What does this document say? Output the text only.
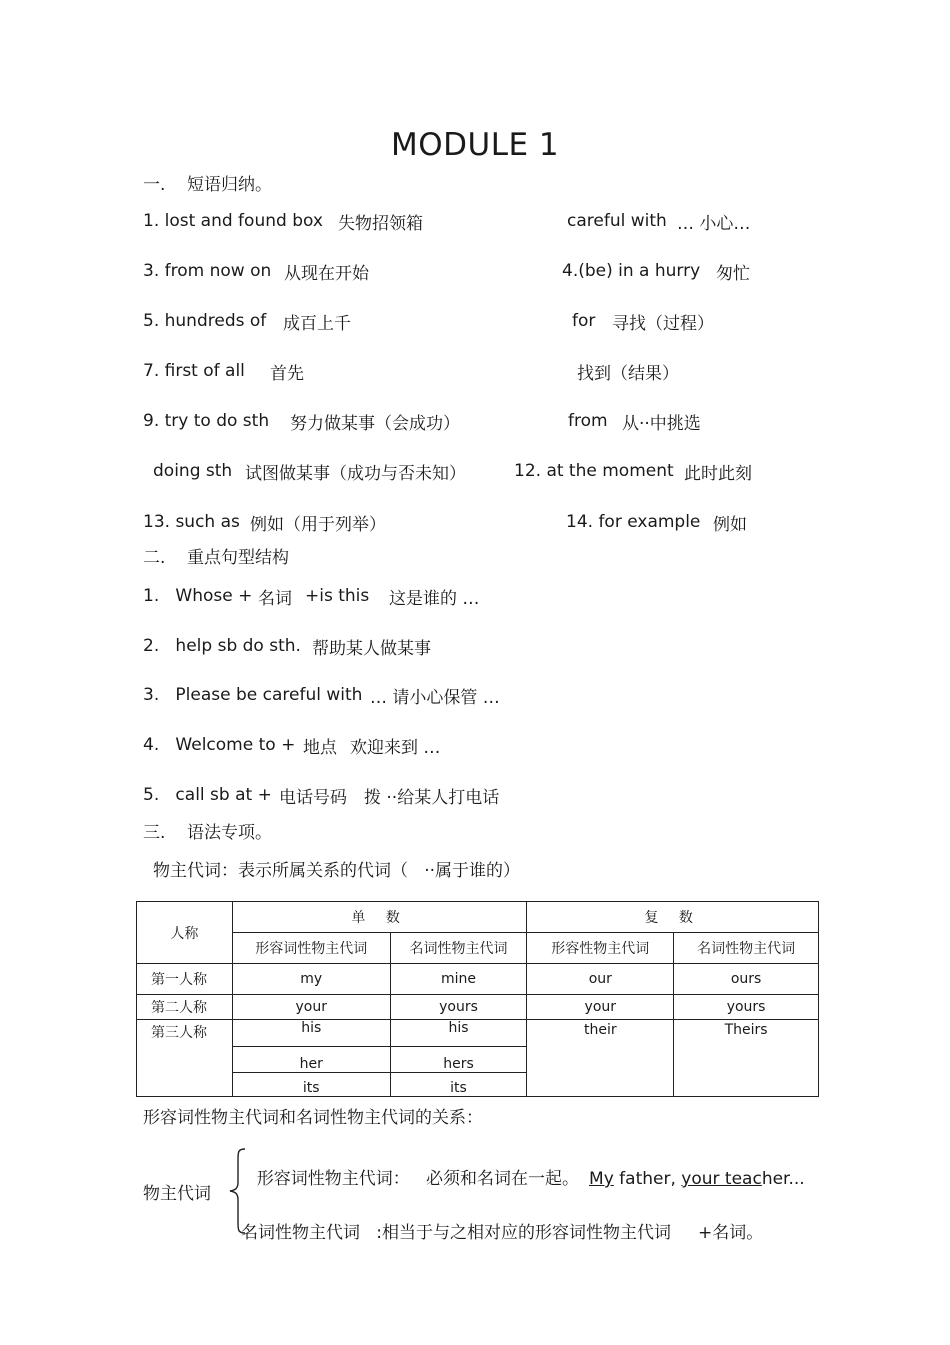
MODULE 1
一.    短语归纳。
1. lost and found box 失物招领箱	careful with … 小心…
3. from now on 从现在开始	4.(be) in a hurry 匆忙
5. hundreds of 成百上千	for 寻找（过程）
7. first of all 首先	找到（结果）
9. try to do sth 努力做某事（会成功）	from 从··中挑选
doing sth 试图做某事（成功与否未知）	12. at the moment 此时此刻
13. such as 例如（用于列举）	14. for example 例如
二.    重点句型结构
1.   Whose + 名词 +is this 这是谁的 …
2.   help sb do sth. 帮助某人做某事
3.   Please be careful with … 请小心保管 …
4.   Welcome to + 地点 欢迎来到 …
5.   call sb at + 电话号码 拨 ··给某人打电话
三.    语法专项。
物主代词：表示所属关系的代词（   ··属于谁的）
人称	单 数		复 数	
	形容词性物主代词	名词性物主代词	形容性物主代词	名词性物主代词
第一人称	my	mine	our	ours
第二人称	your	yours	your	yours
第三人称	his	his	their	Theirs
	her	hers		
	its	its		
形容词性物主代词和名词性物主代词的关系：
物主代词

形容词性物主代词：   必须和名词在一起。 My father, your teacher...

名词性物主代词   :相当于与之相对应的形容词性物主代词     +名词。
